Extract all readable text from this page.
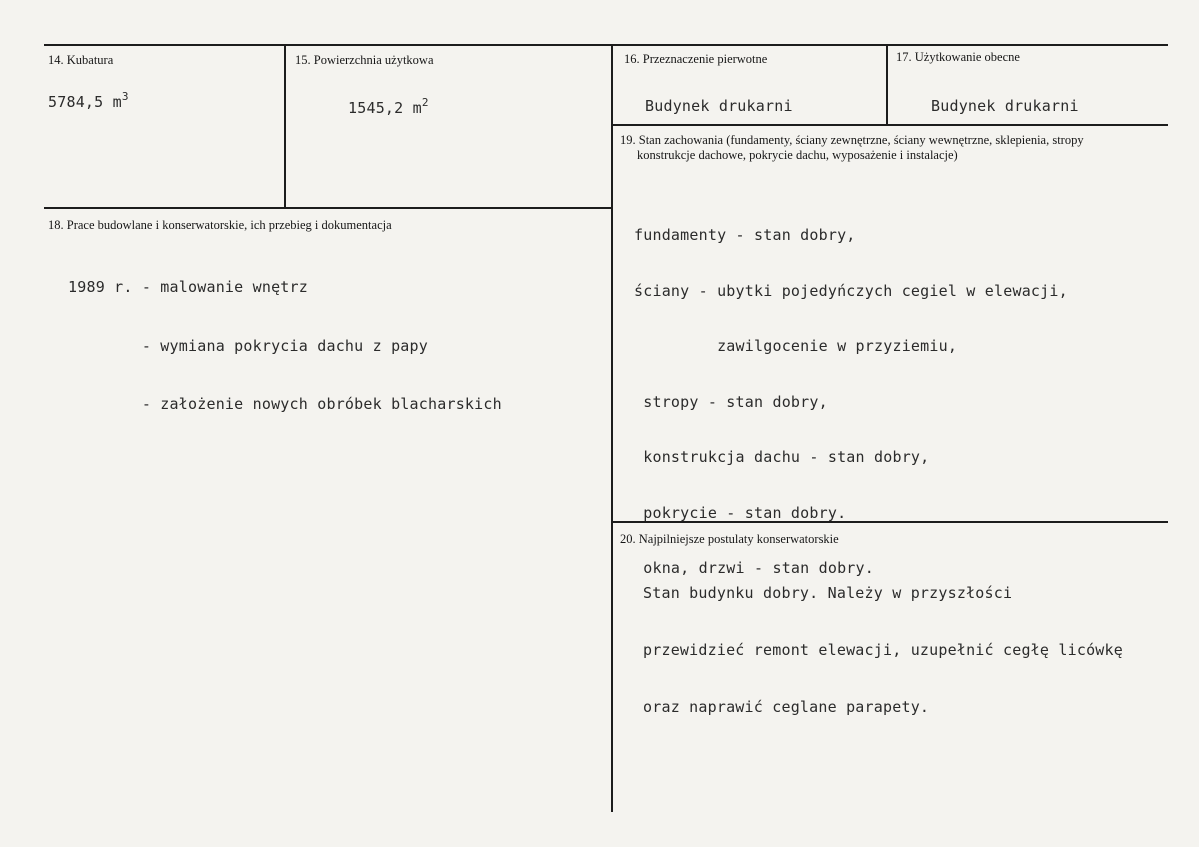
14. Kubatura
5784,5 $m^3$
15. Powierzchnia użytkowa
1545,2 $m^2$
16. Przeznaczenie pierwotne
Budynek drukarni
17. Użytkowanie obecne
Budynek drukarni
18. Prace budowlane i konserwatorskie, ich przebieg i dokumentacja

1989 r. - malowanie wnętrz

- wymiana pokrycia dachu z papy

- założenie nowych obróbek blacharskich

19. Stan zachowania (fundamenty, ściany zewnętrzne, ściany wewnętrzne, sklepienia, stropy
konstrukcje dachowe, pokrycie dachu, wyposażenie i instalacje)

fundamenty - stan dobry,

ściany - ubytki pojedyńczych cegiel w elewacji,

zawilgocenie w przyziemiu,

stropy - stan dobry,

konstrukcja dachu - stan dobry,

pokrycie - stan dobry.

okna, drzwi - stan dobry.

20. Najpilniejsze postulaty konserwatorskie

Stan budynku dobry. Należy w przyszłości

przewidzieć remont elewacji, uzupełnić cegłę licówkę

oraz naprawić ceglane parapety.
